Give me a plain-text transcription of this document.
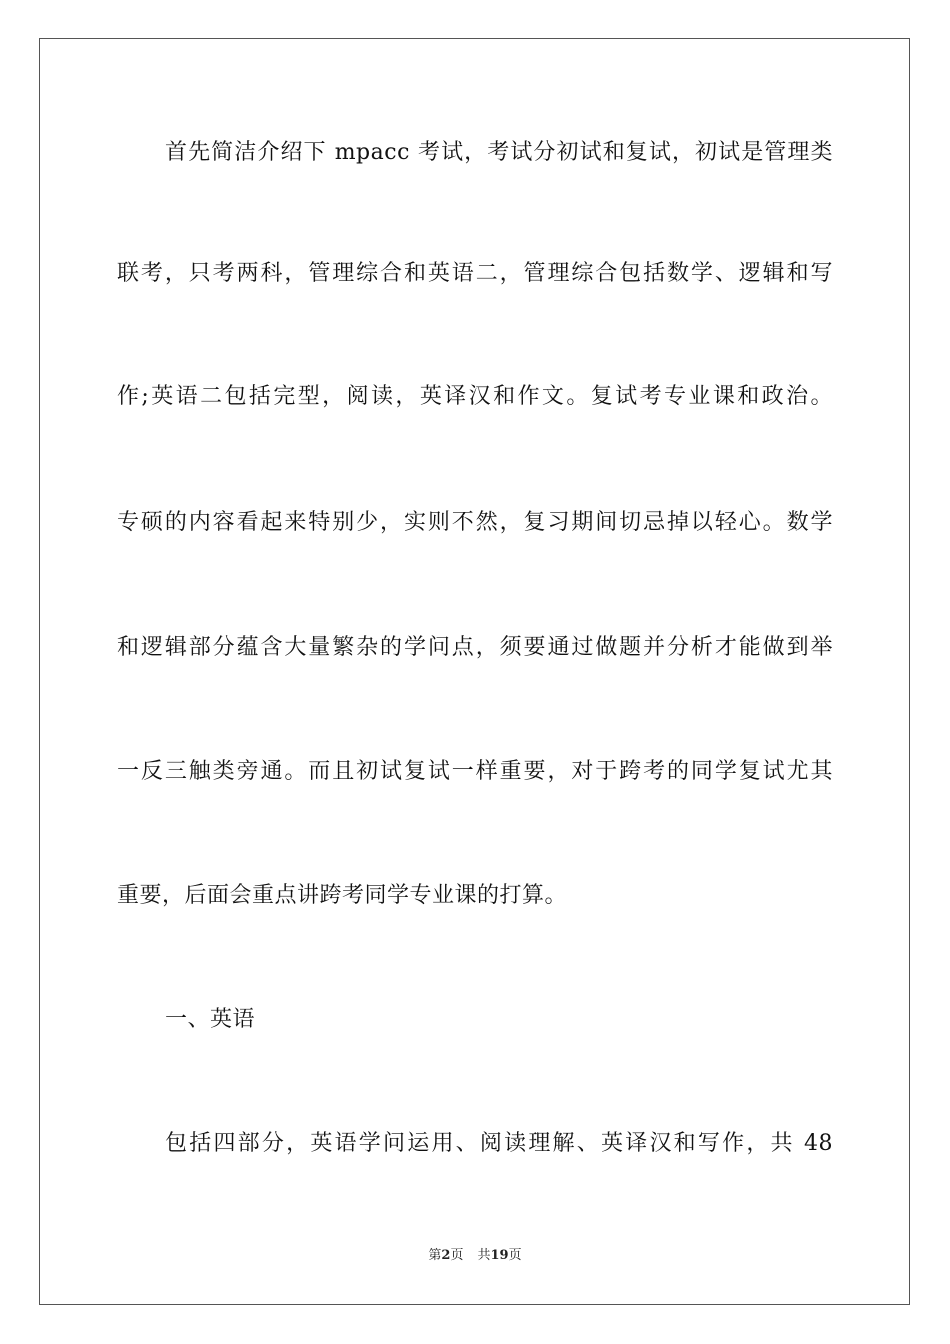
首先简洁介绍下 mpacc 考试，考试分初试和复试，初试是管理类
联考，只考两科，管理综合和英语二，管理综合包括数学、逻辑和写
作;英语二包括完型，阅读，英译汉和作文。复试考专业课和政治。
专硕的内容看起来特别少，实则不然，复习期间切忌掉以轻心。数学
和逻辑部分蕴含大量繁杂的学问点，须要通过做题并分析才能做到举
一反三触类旁通。而且初试复试一样重要，对于跨考的同学复试尤其
重要，后面会重点讲跨考同学专业课的打算。
一、英语
包括四部分，英语学问运用、阅读理解、英译汉和写作，共 48
第2页 共19页
